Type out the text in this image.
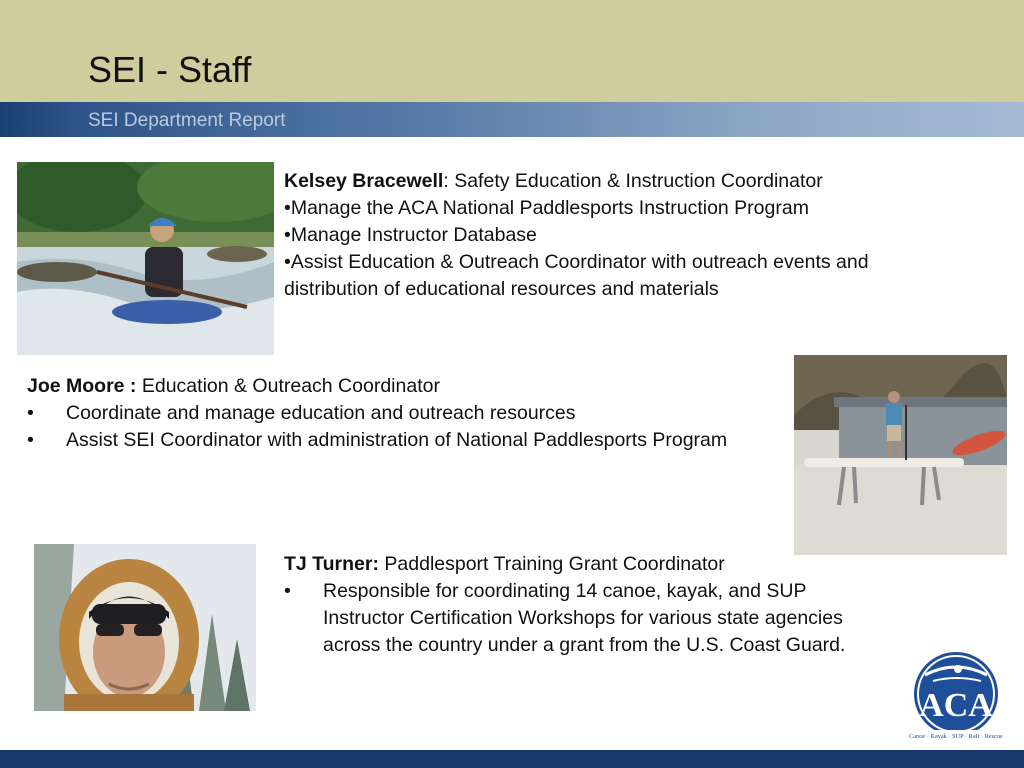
SEI - Staff
SEI Department Report
Kelsey Bracewell: Safety Education & Instruction Coordinator
•Manage the ACA National Paddlesports Instruction Program
•Manage Instructor Database
•Assist Education & Outreach Coordinator with outreach events and distribution of educational resources and materials
Joe Moore : Education & Outreach Coordinator
• Coordinate and manage education and outreach resources
• Assist SEI Coordinator with administration of National Paddlesports Program
TJ Turner: Paddlesport Training Grant Coordinator
• Responsible for coordinating 14 canoe, kayak, and SUP Instructor Certification Workshops for various state agencies across the country under a grant from the U.S. Coast Guard.
ACA
Canoe · Kayak · SUP · Raft · Rescue
